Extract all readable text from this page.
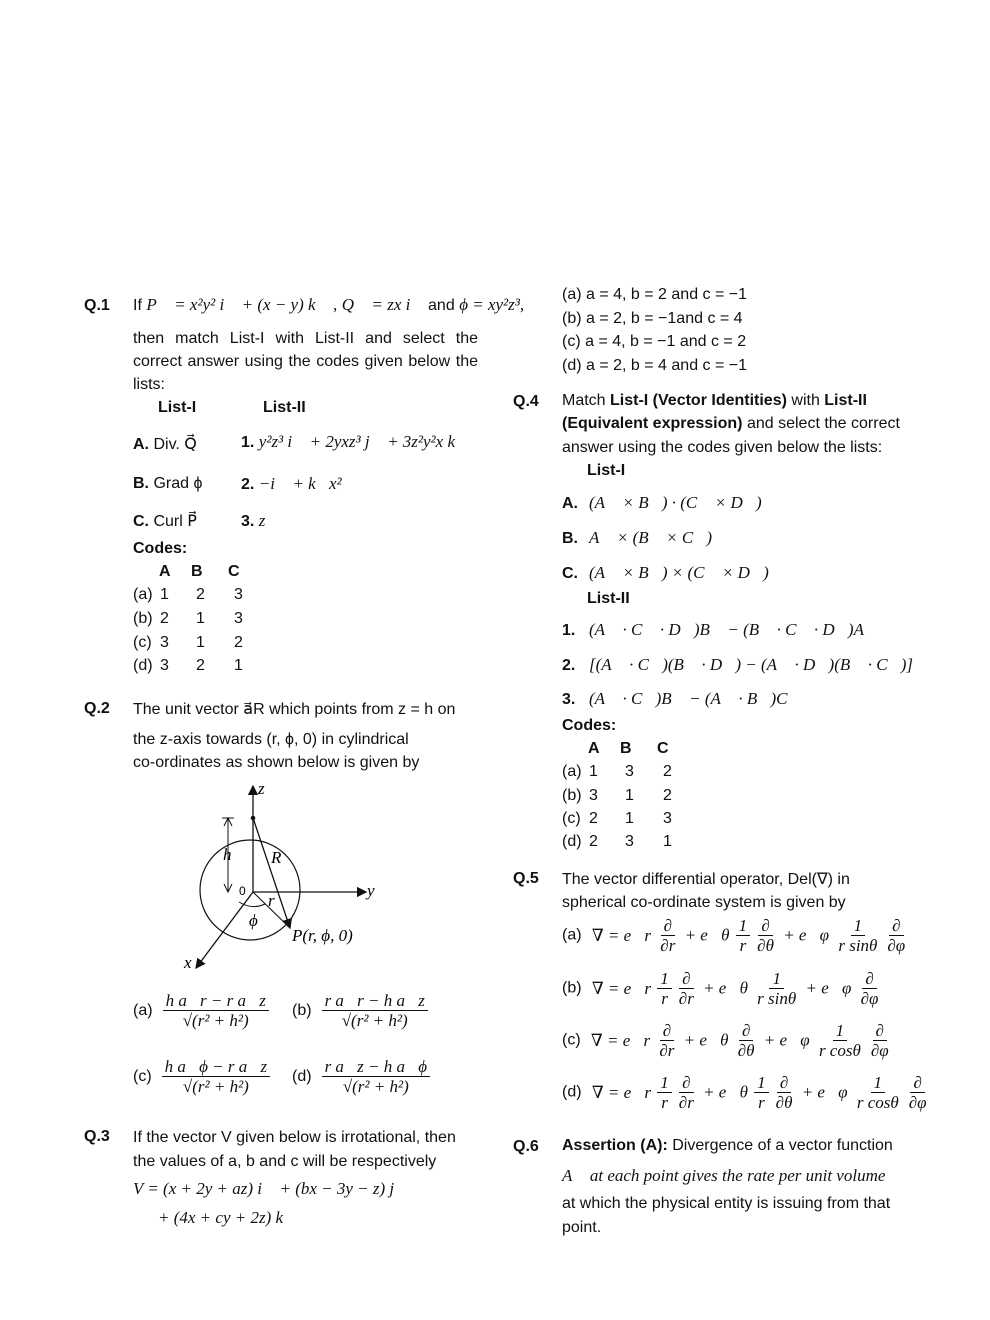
Q.1 If P⃗ = x²y² i⃗ + (x − y) k⃗ , Q⃗ = zx i⃗ and ϕ = xy²z³,
then match List-I with List-II and select the correct answer using the codes given below the lists:
List-I	List-II
A. Div. Q⃗	1. y²z³ i⃗ + 2yxz³ j⃗ + 3z²y²x k⃗
B. Grad ϕ 2. −i⃗ + k⃗x²
C. Curl P⃗	3. z
Codes:
A B C
(a) 1 2 3
(b) 2 1 3
(c) 3 1 2
(d) 3 2 1
Q.2 The unit vector a⃗R which points from z = h on
the z-axis towards (r, ϕ, 0) in cylindrical
co-ordinates as shown below is given by
z
y
x
h R
0 r
ϕ
P(r, ϕ, 0)
$(a) \frac{\text{h a⃗r − r a⃗z}}{\text{√(r² + h²)}} (b) \frac{\text{r a⃗r − h a⃗z}}{\text{√(r² + h²)}}$
$(c) \frac{\text{h a⃗ϕ − r a⃗z}}{\text{√(r² + h²)}} (d) \frac{\text{r a⃗z − h a⃗ϕ}}{\text{√(r² + h²)}}$
Q.3 If the vector V given below is irrotational, then
the values of a, b and c will be respectively
V = (x + 2y + az) i⃗ + (bx − 3y − z) j⃗
+ (4x + cy + 2z) k⃗
(a) a = 4, b = 2 and c = −1
(b) a = 2, b = −1and c = 4
(c) a = 4, b = −1 and c = 2
(d) a = 2, b = 4 and c = −1
Q.4 Match List-I (Vector Identities) with List-II
(Equivalent expression) and select the correct
answer using the codes given below the lists:
List-I
A. (A⃗ × B⃗) · (C⃗ × D⃗)
B. A⃗ × (B⃗ × C⃗)
C. (A⃗ × B⃗) × (C⃗ × D⃗)
List-II
1. (A⃗ · C⃗ · D⃗)B⃗ − (B⃗ · C⃗ · D⃗)A⃗
2. [(A⃗ · C⃗)(B⃗ · D⃗) − (A⃗ · D⃗)(B⃗ · C⃗)]
3. (A⃗ · C⃗)B⃗ − (A⃗ · B⃗)C⃗
Codes:
A B C
(a) 1 3 2
(b) 3 1 2
(c) 2 1 3
(d) 2 3 1
Q.5 The vector differential operator, Del(∇) in
spherical co-ordinate system is given by
(a) ∇ = e⃗r $\frac{\partial}{\partial r}$ + e⃗θ $\frac{1}{r} \frac{\partial}{\partial\theta}$ + e⃗φ $\frac{1}{\text{r sinθ}} \frac{\partial}{\partial\varphi}$
(b) ∇ = e⃗r $\frac{1}{r} \frac{\partial}{\partial r}$ + e⃗θ $\frac{1}{\text{r sinθ}}$ + e⃗φ $\frac{\partial}{\partial\varphi}$
(c) ∇ = e⃗r $\frac{\partial}{\partial r}$ + e⃗θ $\frac{\partial}{\partial\theta}$ + e⃗φ $\frac{1}{\text{r cosθ}} \frac{\partial}{\partial\varphi}$
(d) ∇ = e⃗r $\frac{1}{r} \frac{\partial}{\partial r}$ + e⃗θ $\frac{1}{r} \frac{\partial}{\partial\theta}$ + e⃗φ $\frac{1}{\text{r cosθ}} \frac{\partial}{\partial\varphi}$
Q.6 Assertion (A): Divergence of a vector function
A⃗ at each point gives the rate per unit volume
at which the physical entity is issuing from that
point.
